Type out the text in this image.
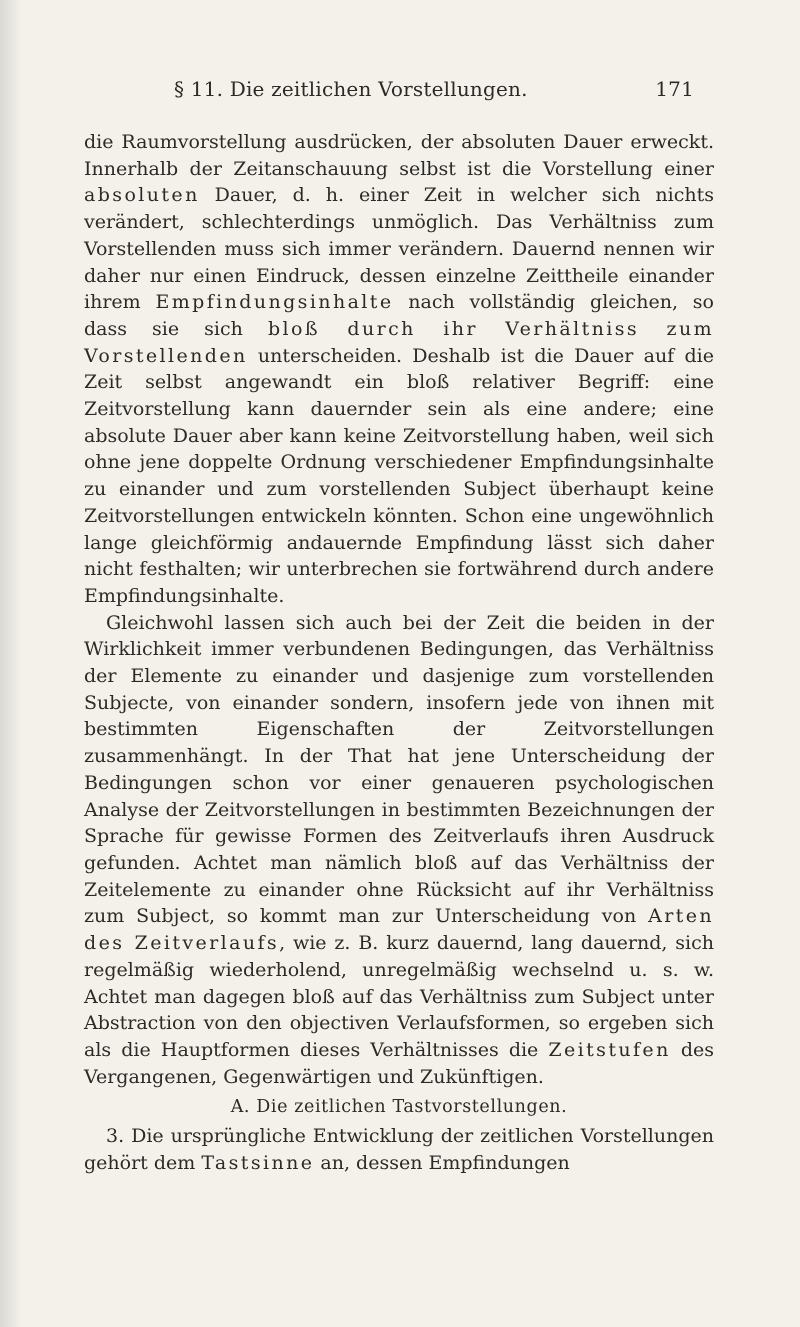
§ 11. Die zeitlichen Vorstellungen.	171

die Raumvorstellung ausdrücken, der absoluten Dauer erweckt. Innerhalb der Zeitanschauung selbst ist die Vorstellung einer absoluten Dauer, d. h. einer Zeit in welcher sich nichts verändert, schlechterdings unmöglich. Das Verhältniss zum Vorstellenden muss sich immer verändern. Dauernd nennen wir daher nur einen Eindruck, dessen einzelne Zeittheile einander ihrem Empfindungsinhalte nach vollständig gleichen, so dass sie sich bloß durch ihr Verhältniss zum Vorstellenden unterscheiden. Deshalb ist die Dauer auf die Zeit selbst angewandt ein bloß relativer Begriff: eine Zeitvorstellung kann dauernder sein als eine andere; eine absolute Dauer aber kann keine Zeitvorstellung haben, weil sich ohne jene doppelte Ordnung verschiedener Empfindungsinhalte zu einander und zum vorstellenden Subject überhaupt keine Zeitvorstellungen entwickeln könnten. Schon eine ungewöhnlich lange gleichförmig andauernde Empfindung lässt sich daher nicht festhalten; wir unterbrechen sie fortwährend durch andere Empfindungsinhalte.

Gleichwohl lassen sich auch bei der Zeit die beiden in der Wirklichkeit immer verbundenen Bedingungen, das Verhältniss der Elemente zu einander und dasjenige zum vorstellenden Subjecte, von einander sondern, insofern jede von ihnen mit bestimmten Eigenschaften der Zeitvorstellungen zusammenhängt. In der That hat jene Unterscheidung der Bedingungen schon vor einer genaueren psychologischen Analyse der Zeitvorstellungen in bestimmten Bezeichnungen der Sprache für gewisse Formen des Zeitverlaufs ihren Ausdruck gefunden. Achtet man nämlich bloß auf das Verhältniss der Zeitelemente zu einander ohne Rücksicht auf ihr Verhältniss zum Subject, so kommt man zur Unterscheidung von Arten des Zeitverlaufs, wie z. B. kurz dauernd, lang dauernd, sich regelmäßig wiederholend, unregelmäßig wechselnd u. s. w. Achtet man dagegen bloß auf das Verhältniss zum Subject unter Abstraction von den objectiven Verlaufsformen, so ergeben sich als die Hauptformen dieses Verhältnisses die Zeitstufen des Vergangenen, Gegenwärtigen und Zukünftigen.

A. Die zeitlichen Tastvorstellungen.

3. Die ursprüngliche Entwicklung der zeitlichen Vorstellungen gehört dem Tastsinne an, dessen Empfindungen
